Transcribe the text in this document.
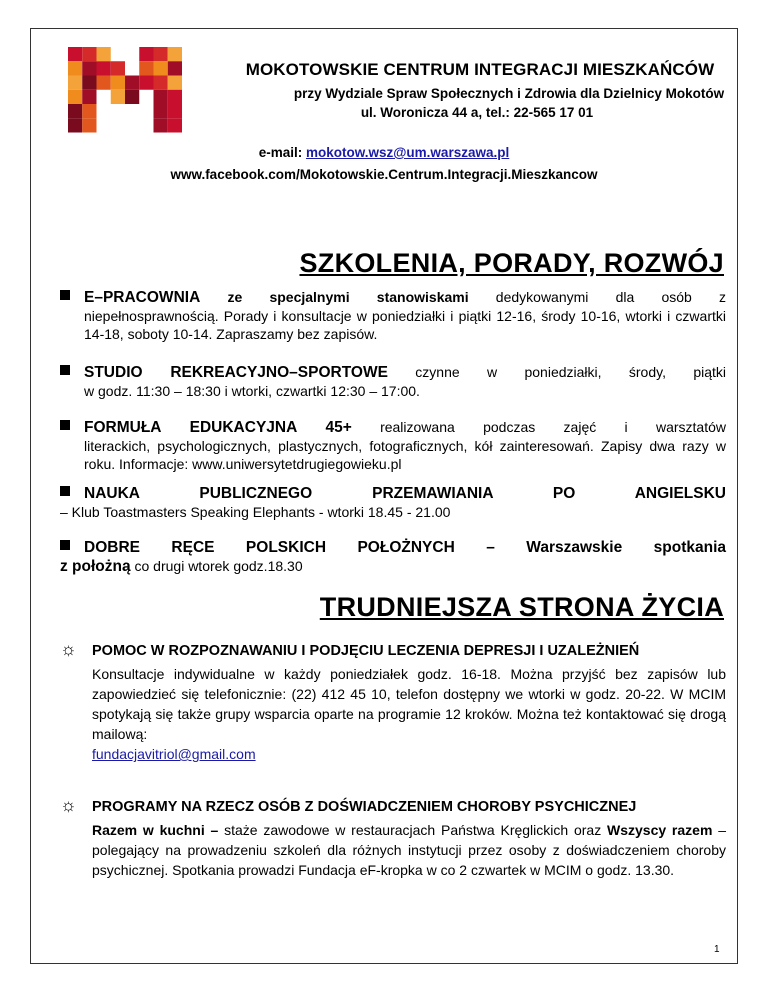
MOKOTOWSKIE CENTRUM INTEGRACJI MIESZKAŃCÓW
przy Wydziale Spraw Społecznych i Zdrowia dla Dzielnicy Mokotów
ul. Woronicza 44 a, tel.: 22-565 17 01
e-mail: mokotow.wsz@um.warszawa.pl
www.facebook.com/Mokotowskie.Centrum.Integracji.Mieszkancow
SZKOLENIA, PORADY, ROZWÓJ

E–PRACOWNIA ze specjalnymi stanowiskami dedykowanymi dla osób z

niepełnosprawnością. Porady i konsultacje w poniedziałki i piątki 12-16, środy 10-16, wtorki i czwartki 14-18, soboty 10-14. Zapraszamy bez zapisów.

STUDIO REKREACYJNO–SPORTOWE czynne w poniedziałki, środy, piątki

w godz. 11:30 – 18:30 i wtorki, czwartki 12:30 – 17:00.

FORMUŁA EDUKACYJNA 45+ realizowana podczas zajęć i warsztatów

literackich, psychologicznych, plastycznych, fotograficznych, kół zainteresowań. Zapisy dwa razy w roku. Informacje: www.uniwersytetdrugiegowieku.pl

NAUKA PUBLICZNEGO PRZEMAWIANIA PO ANGIELSKU

– Klub Toastmasters Speaking Elephants - wtorki 18.45 - 21.00

DOBRE RĘCE POLSKICH POŁOŻNYCH – Warszawskie spotkania

z położną co drugi wtorek godz.18.30

TRUDNIEJSZA STRONA ŻYCIA
☼	POMOC W ROZPOZNAWANIU I PODJĘCIU LECZENIA DEPRESJI I UZALEŻNIEŃ

Konsultacje indywidualne w każdy poniedziałek godz. 16-18. Można przyjść bez zapisów lub zapowiedzieć się telefonicznie: (22) 412 45 10, telefon dostępny we wtorki w godz. 20-22. W MCIM spotykają się także grupy wsparcia oparte na programie 12 kroków. Można też kontaktować się drogą mailową:
fundacjavitriol@gmail.com

☼	PROGRAMY NA RZECZ OSÓB Z DOŚWIADCZENIEM CHOROBY PSYCHICZNEJ

Razem w kuchni – staże zawodowe w restauracjach Państwa Kręglickich oraz Wszyscy razem – polegający na prowadzeniu szkoleń dla różnych instytucji przez osoby z doświadczeniem choroby psychicznej. Spotkania prowadzi Fundacja eF-kropka w co 2 czwartek w MCIM o godz. 13.30.

1
